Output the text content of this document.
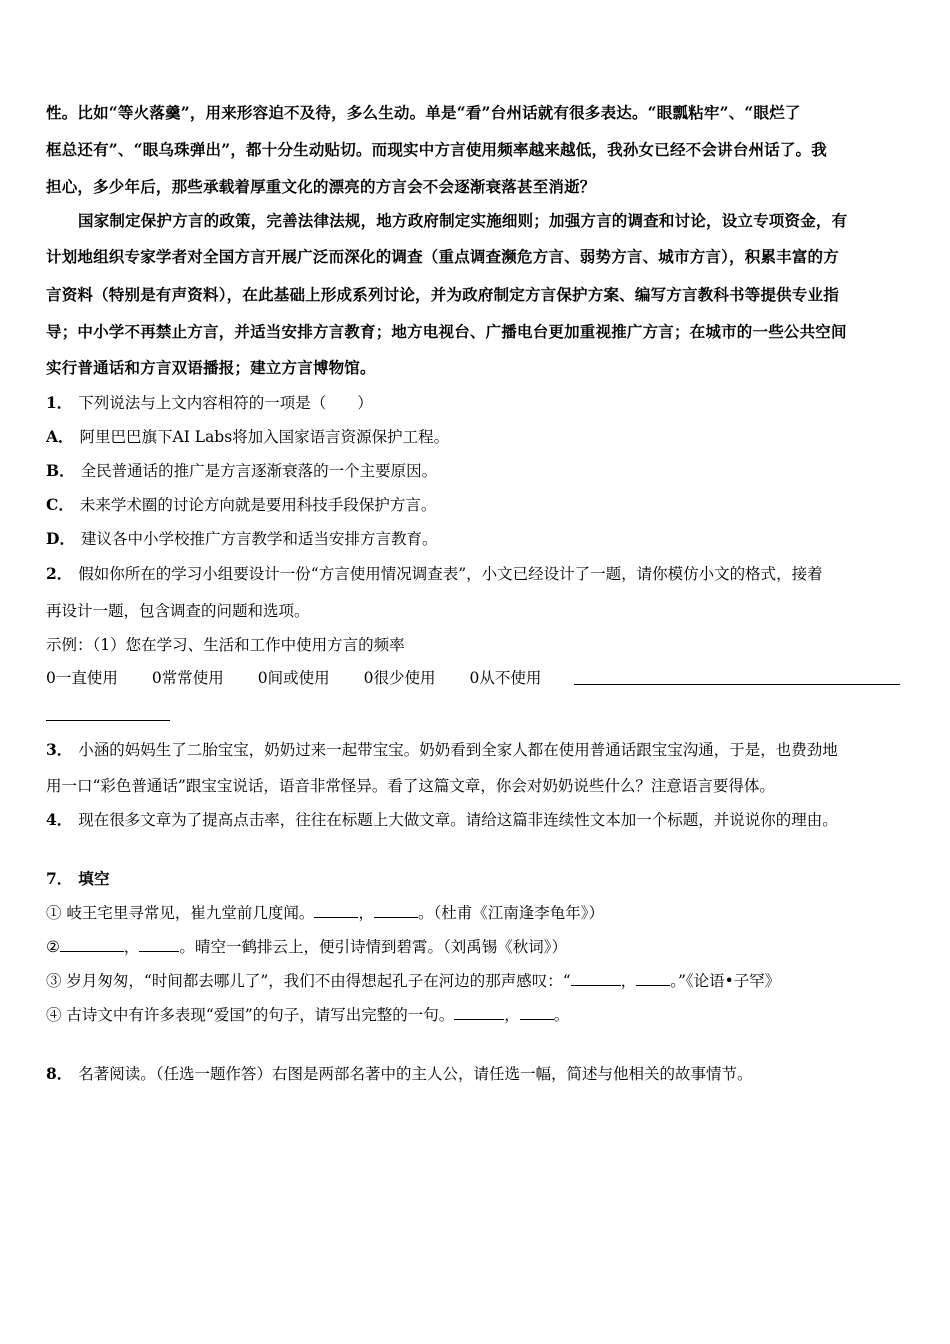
性。比如“等火落羹”，用来形容迫不及待，多么生动。单是“看”台州话就有很多表达。“眼瓢粘牢”、“眼烂了
框总还有”、“眼乌珠弹出”，都十分生动贴切。而现实中方言使用频率越来越低，我孙女已经不会讲台州话了。我
担心，多少年后，那些承载着厚重文化的漂亮的方言会不会逐渐衰落甚至消逝？
国家制定保护方言的政策，完善法律法规，地方政府制定实施细则；加强方言的调查和讨论，设立专项资金，有
计划地组织专家学者对全国方言开展广泛而深化的调查（重点调查濒危方言、弱势方言、城市方言），积累丰富的方
言资料（特别是有声资料），在此基础上形成系列讨论，并为政府制定方言保护方案、编写方言教科书等提供专业指
导；中小学不再禁止方言，并适当安排方言教育；地方电视台、广播电台更加重视推广方言；在城市的一些公共空间
实行普通话和方言双语播报；建立方言博物馆。
1． 下列说法与上文内容相符的一项是（　　）
A． 阿里巴巴旗下AI Labs将加入国家语言资源保护工程。
B． 全民普通话的推广是方言逐渐衰落的一个主要原因。
C． 未来学术圈的讨论方向就是要用科技手段保护方言。
D． 建议各中小学校推广方言教学和适当安排方言教育。
2． 假如你所在的学习小组要设计一份“方言使用情况调查表”，小文已经设计了一题，请你模仿小文的格式，接着
再设计一题，包含调查的问题和选项。
示例：（1）您在学习、生活和工作中使用方言的频率
0一直使用 0常常使用 0间或使用 0很少使用 0从不使用
3． 小涵的妈妈生了二胎宝宝，奶奶过来一起带宝宝。奶奶看到全家人都在使用普通话跟宝宝沟通，于是，也费劲地
用一口“彩色普通话”跟宝宝说话，语音非常怪异。看了这篇文章，你会对奶奶说些什么？注意语言要得体。
4． 现在很多文章为了提高点击率，往往在标题上大做文章。请给这篇非连续性文本加一个标题，并说说你的理由。
7． 填空
① 岐王宅里寻常见，崔九堂前几度闻。	，	。（杜甫《江南逢李龟年》）
②	，	。晴空一鹤排云上，便引诗情到碧霄。（刘禹锡《秋词》）
③ 岁月匆匆，“时间都去哪儿了”，我们不由得想起孔子在河边的那声感叹：“	， 。”《论语•子罕》
④ 古诗文中有许多表现“爱国”的句子，请写出完整的一句。	， 。
8． 名著阅读。（任选一题作答）右图是两部名著中的主人公，请任选一幅，简述与他相关的故事情节。
